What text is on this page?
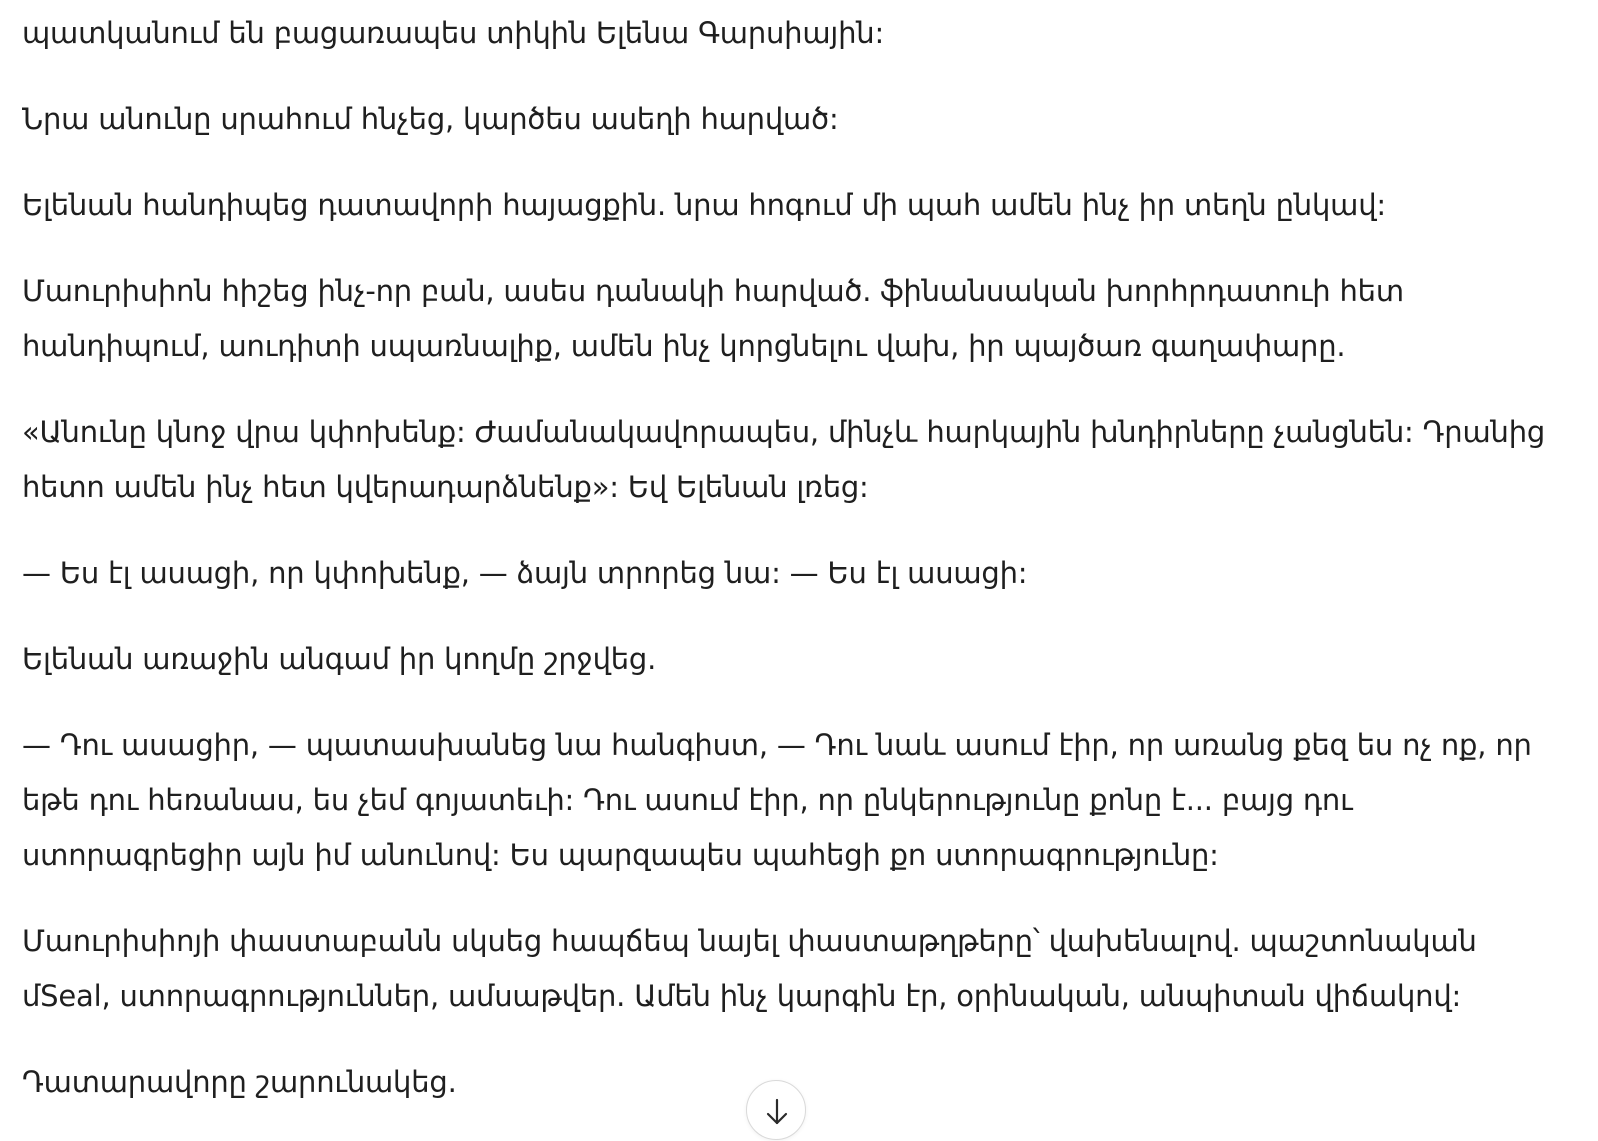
պատկանում են բացառապես տիկին Ելենա Գարսիային:

Նրա անունը սրահում հնչեց, կարծես ասեղի հարված:

Ելենան հանդիպեց դատավորի հայացքին. նրա հոգում մի պահ ամեն ինչ իր տեղն ընկավ:

Մաուրիսիոն հիշեց ինչ-որ բան, ասես դանակի հարված. ֆինանսական խորհրդատուի հետ հանդիպում, աուդիտի սպառնալիք, ամեն ինչ կորցնելու վախ, իր պայծառ գաղափարը.

«Անունը կնոջ վրա կփոխենք: Ժամանակավորապես, մինչև հարկային խնդիրները չանցնեն: Դրանից հետո ամեն ինչ հետ կվերադարձնենք»: Եվ Ելենան լռեց:

— Ես էլ ասացի, որ կփոխենք, — ձայն տրորեց նա: — Ես էլ ասացի:

Ելենան առաջին անգամ իր կողմը շրջվեց.

— Դու ասացիր, — պատասխանեց նա հանգիստ, — Դու նաև ասում էիր, որ առանց քեզ ես ոչ ոք, որ եթե դու հեռանաս, ես չեմ գոյատեւի: Դու ասում էիր, որ ընկերությունը քոնը է... բայց դու ստորագրեցիր այն իմ անունով: Ես պարզապես պահեցի քո ստորագրությունը:

Մաուրիսիոյի փաստաբանն սկսեց հապճեպ նայել փաստաթղթերը՝ վախենալով. պաշտոնական մSeal, ստորագրություններ, ամսաթվեր. Ամեն ինչ կարգին էր, օրինական, անպիտան վիճակով:

Դատարավորը շարունակեց.
